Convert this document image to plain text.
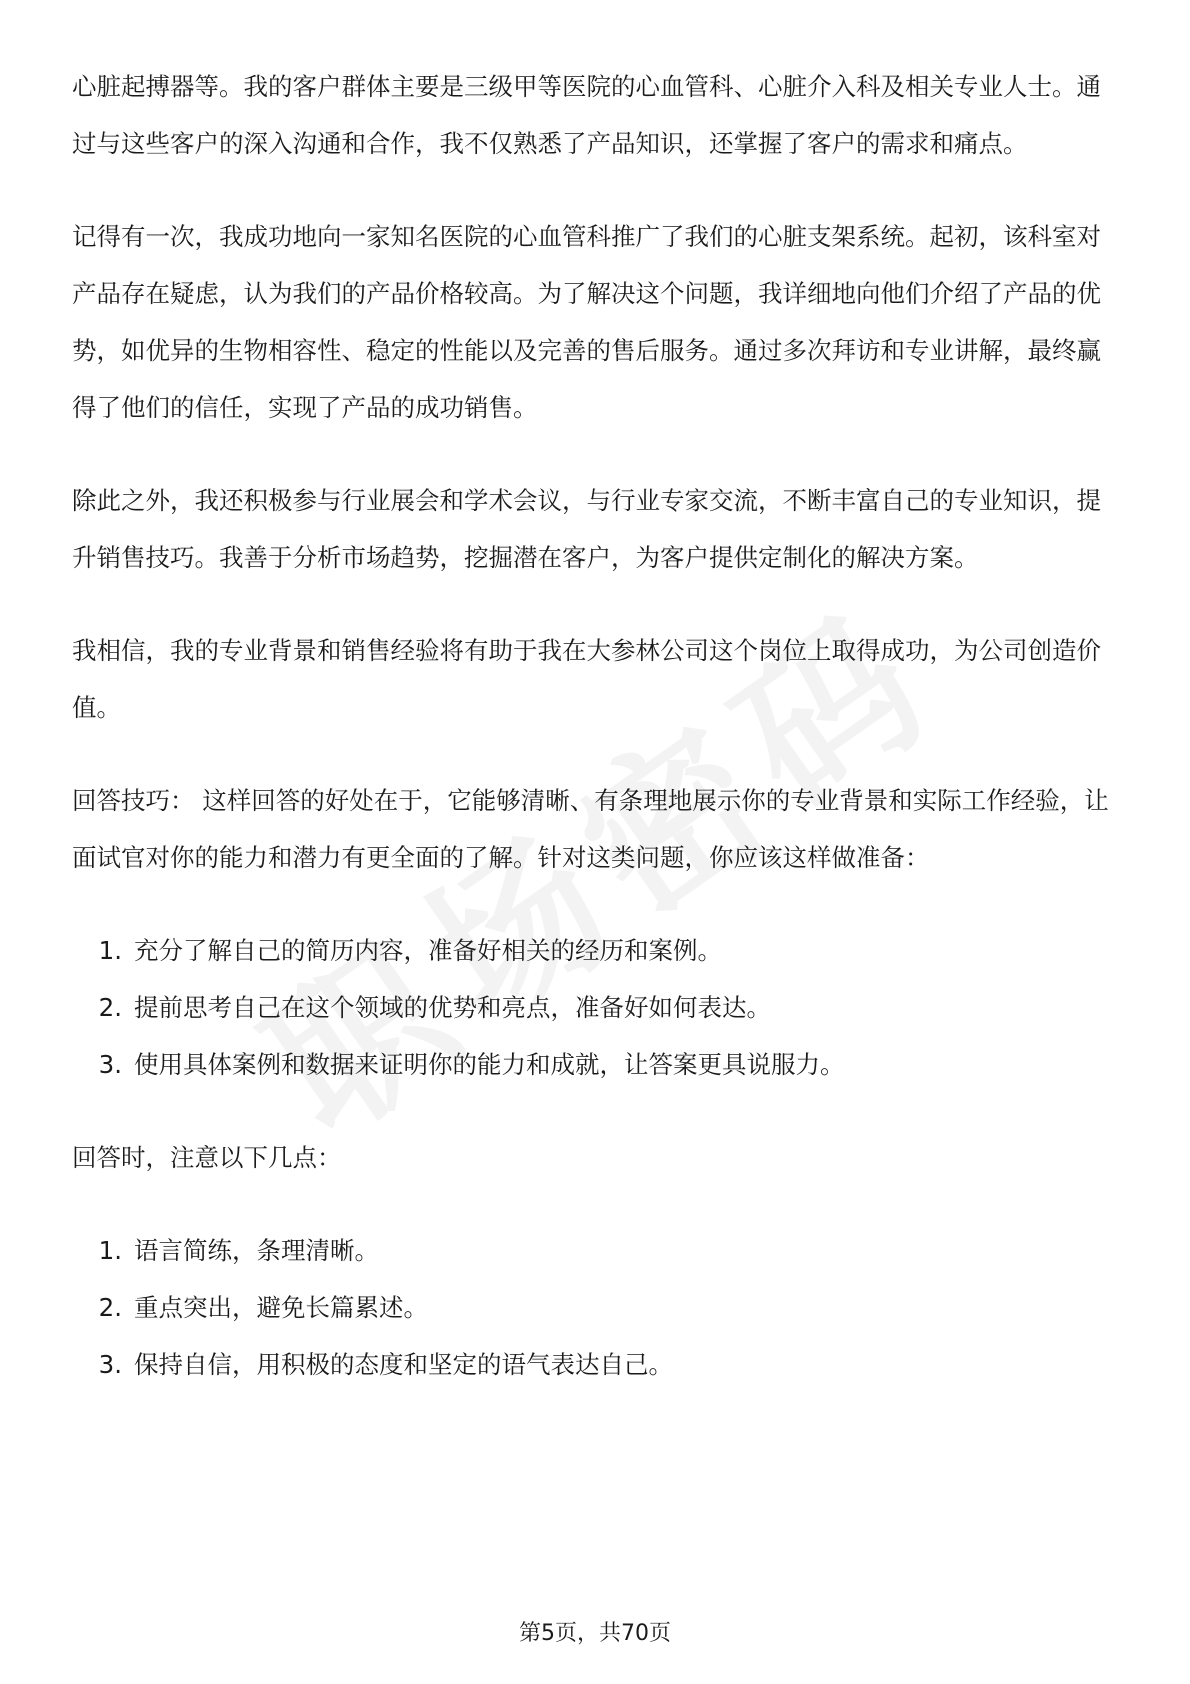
心脏起搏器等。我的客户群体主要是三级甲等医院的心血管科、心脏介入科及相关专业人士。通过与这些客户的深入沟通和合作，我不仅熟悉了产品知识，还掌握了客户的需求和痛点。

记得有一次，我成功地向一家知名医院的心血管科推广了我们的心脏支架系统。起初，该科室对产品存在疑虑，认为我们的产品价格较高。为了解决这个问题，我详细地向他们介绍了产品的优势，如优异的生物相容性、稳定的性能以及完善的售后服务。通过多次拜访和专业讲解，最终赢得了他们的信任，实现了产品的成功销售。

除此之外，我还积极参与行业展会和学术会议，与行业专家交流，不断丰富自己的专业知识，提升销售技巧。我善于分析市场趋势，挖掘潜在客户，为客户提供定制化的解决方案。

我相信，我的专业背景和销售经验将有助于我在大参林公司这个岗位上取得成功，为公司创造价值。

回答技巧： 这样回答的好处在于，它能够清晰、有条理地展示你的专业背景和实际工作经验，让面试官对你的能力和潜力有更全面的了解。针对这类问题，你应该这样做准备：

1. 充分了解自己的简历内容，准备好相关的经历和案例。
2. 提前思考自己在这个领域的优势和亮点，准备好如何表达。
3. 使用具体案例和数据来证明你的能力和成就，让答案更具说服力。

回答时，注意以下几点：

1. 语言简练，条理清晰。
2. 重点突出，避免长篇累述。
3. 保持自信，用积极的态度和坚定的语气表达自己。
第5页，共70页
